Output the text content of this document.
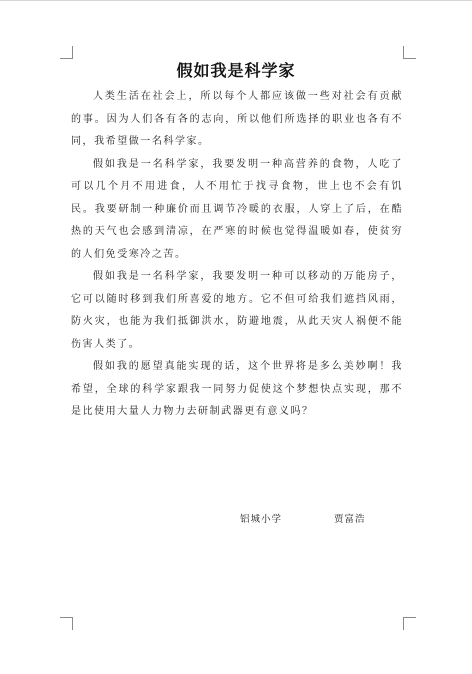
假如我是科学家

人类生活在社会上，所以每个人都应该做一些对社会有贡献的事。因为人们各有各的志向，所以他们所选择的职业也各有不同，我希望做一名科学家。

假如我是一名科学家，我要发明一种高营养的食物，人吃了可以几个月不用进食，人不用忙于找寻食物，世上也不会有饥民。我要研制一种廉价而且调节冷暖的衣服，人穿上了后，在酷热的天气也会感到清凉，在严寒的时候也觉得温暖如春，使贫穷的人们免受寒冷之苦。

假如我是一名科学家，我要发明一种可以移动的万能房子，它可以随时移到我们所喜爱的地方。它不但可给我们遮挡风雨，防火灾，也能为我们抵御洪水，防避地震，从此天灾人祸便不能伤害人类了。

假如我的愿望真能实现的话，这个世界将是多么美妙啊！我希望，全球的科学家跟我一同努力促使这个梦想快点实现，那不是比使用大量人力物力去研制武器更有意义吗？

铝城小学	贾富浩
